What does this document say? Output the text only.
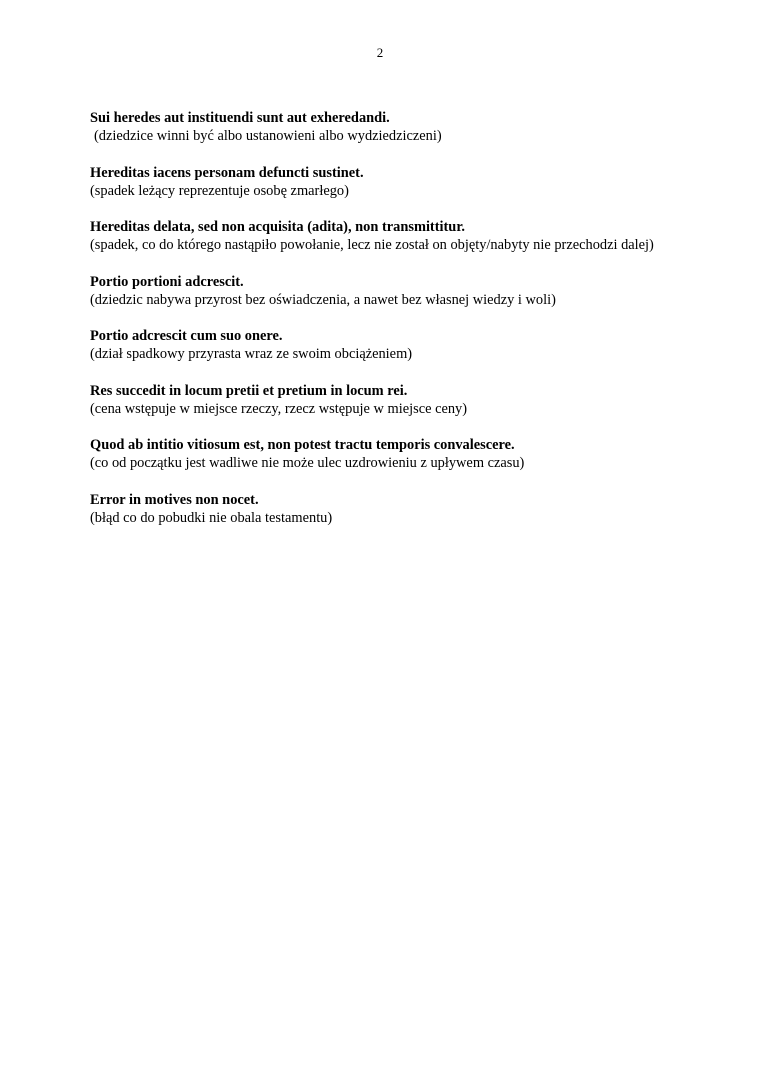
2
Sui heredes aut instituendi sunt aut exheredandi.
(dziedzice winni być albo ustanowieni albo wydziedziczeni)
Hereditas iacens personam defuncti sustinet.
(spadek leżący reprezentuje osobę zmarłego)
Hereditas delata, sed non acquisita (adita), non transmittitur.
(spadek, co do którego nastąpiło powołanie, lecz nie został on objęty/nabyty nie przechodzi dalej)
Portio portioni adcrescit.
(dziedzic nabywa przyrost bez oświadczenia, a nawet bez własnej wiedzy i woli)
Portio adcrescit cum suo onere.
(dział spadkowy przyrasta wraz ze swoim obciążeniem)
Res succedit in locum pretii et pretium in locum rei.
(cena wstępuje w miejsce rzeczy, rzecz wstępuje w miejsce ceny)
Quod ab intitio vitiosum est, non potest tractu temporis convalescere.
(co od początku jest wadliwe nie może ulec uzdrowieniu z upływem czasu)
Error in motives non nocet.
(błąd co do pobudki nie obala testamentu)
